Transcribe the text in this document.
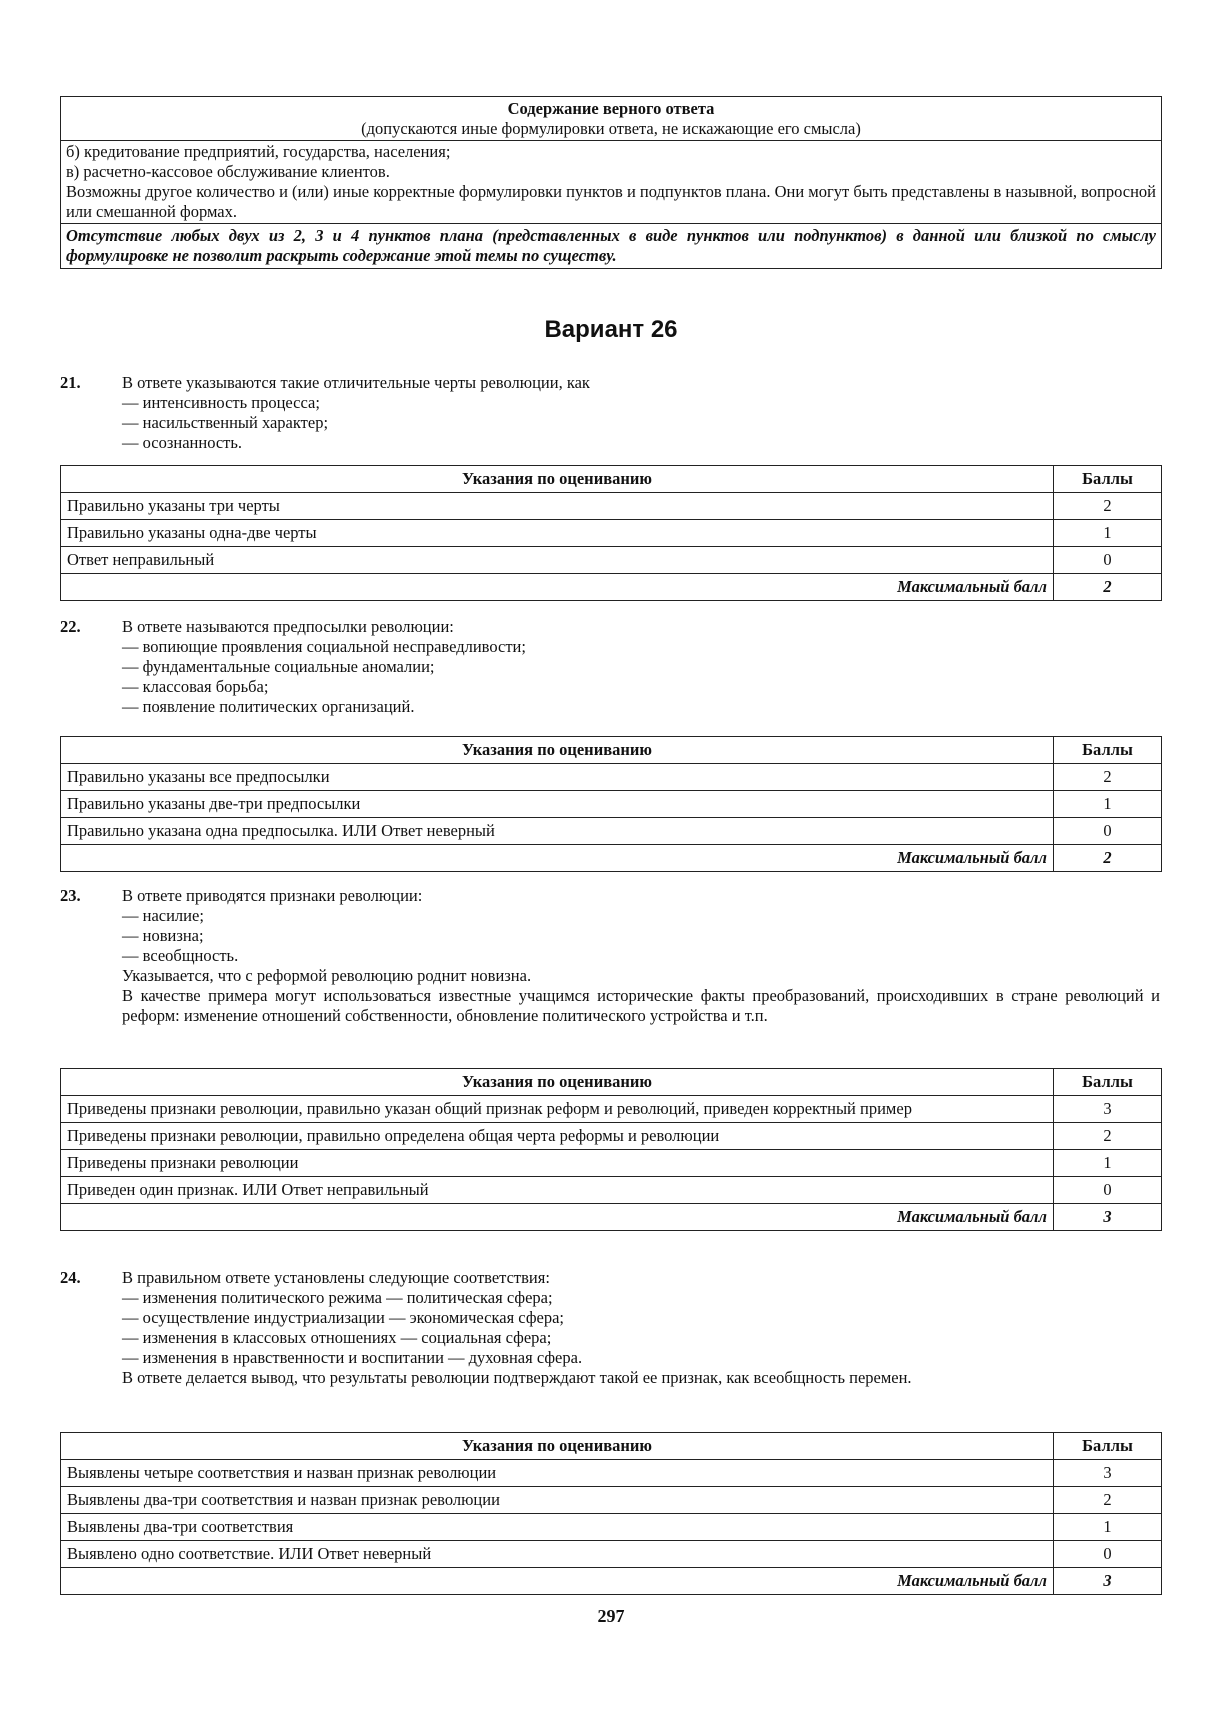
Содержание верного ответа
(допускаются иные формулировки ответа, не искажающие его смысла)
б) кредитование предприятий, государства, населения;
в) расчетно-кассовое обслуживание клиентов.
Возможны другое количество и (или) иные корректные формулировки пунктов и подпунктов плана. Они могут быть представлены в назывной, вопросной или смешанной формах.
Отсутствие любых двух из 2, 3 и 4 пунктов плана (представленных в виде пунктов или подпунктов) в данной или близкой по смыслу формулировке не позволит раскрыть содержание этой темы по существу.
Вариант 26
21.	В ответе указываются такие отличительные черты революции, как
— интенсивность процесса;
— насильственный характер;
— осознанность.
Указания по оцениванию	Баллы
Правильно указаны три черты	2
Правильно указаны одна-две черты	1
Ответ неправильный	0
Максимальный балл	2
22.	В ответе называются предпосылки революции:
— вопиющие проявления социальной несправедливости;
— фундаментальные социальные аномалии;
— классовая борьба;
— появление политических организаций.
Указания по оцениванию	Баллы
Правильно указаны все предпосылки	2
Правильно указаны две-три предпосылки	1
Правильно указана одна предпосылка. ИЛИ Ответ неверный	0
Максимальный балл	2
23.	В ответе приводятся признаки революции:
— насилие;
— новизна;
— всеобщность.
Указывается, что с реформой революцию роднит новизна.
В качестве примера могут использоваться известные учащимся исторические факты преобразований, происходивших в стране революций и реформ: изменение отношений собственности, обновление политического устройства и т.п.
Указания по оцениванию	Баллы
Приведены признаки революции, правильно указан общий признак реформ и революций, приведен корректный пример	3
Приведены признаки революции, правильно определена общая черта реформы и революции	2
Приведены признаки революции	1
Приведен один признак. ИЛИ Ответ неправильный	0
Максимальный балл	3
24.	В правильном ответе установлены следующие соответствия:
— изменения политического режима — политическая сфера;
— осуществление индустриализации — экономическая сфера;
— изменения в классовых отношениях — социальная сфера;
— изменения в нравственности и воспитании — духовная сфера.
В ответе делается вывод, что результаты революции подтверждают такой ее признак, как всеобщность перемен.
Указания по оцениванию	Баллы
Выявлены четыре соответствия и назван признак революции	3
Выявлены два-три соответствия и назван признак революции	2
Выявлены два-три соответствия	1
Выявлено одно соответствие. ИЛИ Ответ неверный	0
Максимальный балл	3
297
